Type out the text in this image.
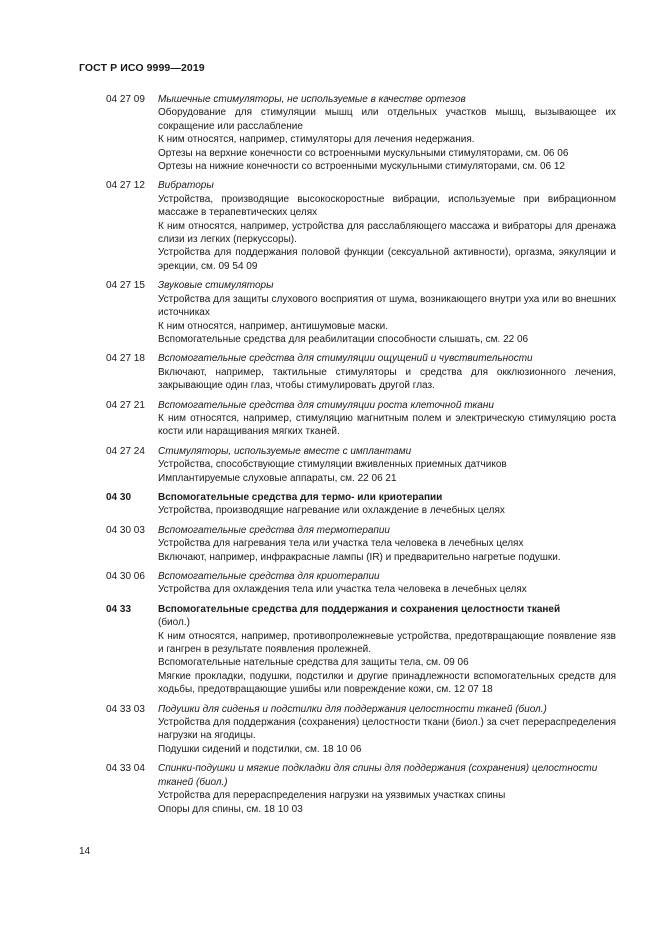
ГОСТ Р ИСО 9999—2019
04 27 09 Мышечные стимуляторы, не используемые в качестве ортезов
Оборудование для стимуляции мышц или отдельных участков мышц, вызывающее их сокращение или расслабление
К ним относятся, например, стимуляторы для лечения недержания.
Ортезы на верхние конечности со встроенными мускульными стимуляторами, см. 06 06
Ортезы на нижние конечности со встроенными мускульными стимуляторами, см. 06 12
04 27 12 Вибраторы
Устройства, производящие высокоскоростные вибрации, используемые при вибрационном массаже в терапевтических целях
К ним относятся, например, устройства для расслабляющего массажа и вибраторы для дренажа слизи из легких (перкуссоры).
Устройства для поддержания половой функции (сексуальной активности), оргазма, эякуляции и эрекции, см. 09 54 09
04 27 15 Звуковые стимуляторы
Устройства для защиты слухового восприятия от шума, возникающего внутри уха или во внешних источниках
К ним относятся, например, антишумовые маски.
Вспомогательные средства для реабилитации способности слышать, см. 22 06
04 27 18 Вспомогательные средства для стимуляции ощущений и чувствительности
Включают, например, тактильные стимуляторы и средства для окклюзионного лечения, закрывающие один глаз, чтобы стимулировать другой глаз.
04 27 21 Вспомогательные средства для стимуляции роста клеточной ткани
К ним относятся, например, стимуляцию магнитным полем и электрическую стимуляцию роста кости или наращивания мягких тканей.
04 27 24 Стимуляторы, используемые вместе с имплантами
Устройства, способствующие стимуляции вживленных приемных датчиков
Имплантируемые слуховые аппараты, см. 22 06 21
04 30	Вспомогательные средства для термо- или криотерапии
Устройства, производящие нагревание или охлаждение в лечебных целях
04 30 03 Вспомогательные средства для термотерапии
Устройства для нагревания тела или участка тела человека в лечебных целях
Включают, например, инфракрасные лампы (IR) и предварительно нагретые подушки.
04 30 06 Вспомогательные средства для криотерапии
Устройства для охлаждения тела или участка тела человека в лечебных целях
04 33	Вспомогательные средства для поддержания и сохранения целостности тканей
(биол.)
К ним относятся, например, противопролежневые устройства, предотвращающие появление язв и гангрен в результате появления пролежней.
Вспомогательные нательные средства для защиты тела, см. 09 06
Мягкие прокладки, подушки, подстилки и другие принадлежности вспомогательных средств для ходьбы, предотвращающие ушибы или повреждение кожи, см. 12 07 18
04 33 03 Подушки для сиденья и подстилки для поддержания целостности тканей (биол.)
Устройства для поддержания (сохранения) целостности ткани (биол.) за счет перераспределения нагрузки на ягодицы.
Подушки сидений и подстилки, см. 18 10 06
04 33 04 Спинки-подушки и мягкие подкладки для спины для поддержания (сохранения) целостности тканей (биол.)
Устройства для перераспределения нагрузки на уязвимых участках спины
Опоры для спины, см. 18 10 03
14
